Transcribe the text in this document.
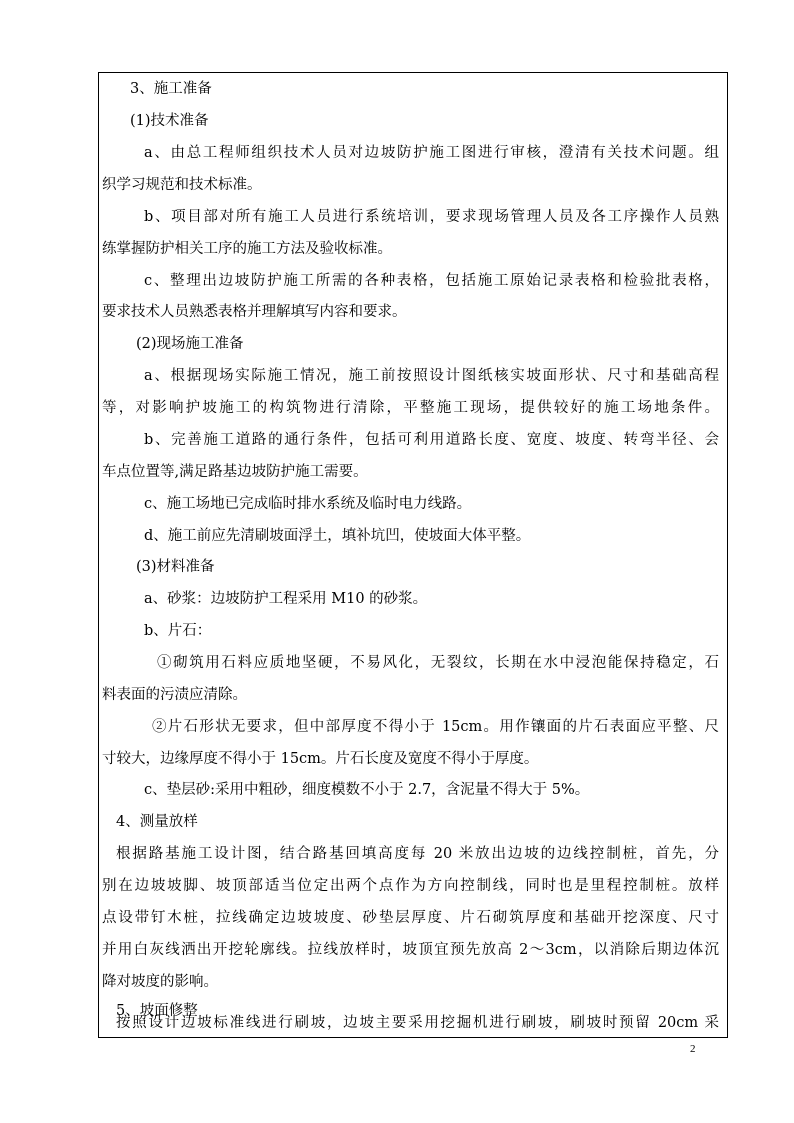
3、施工准备
(1)技术准备
a、由总工程师组织技术人员对边坡防护施工图进行审核，澄清有关技术问题。组
织学习规范和技术标准。
b、项目部对所有施工人员进行系统培训，要求现场管理人员及各工序操作人员熟
练掌握防护相关工序的施工方法及验收标准。
c、整理出边坡防护施工所需的各种表格，包括施工原始记录表格和检验批表格，
要求技术人员熟悉表格并理解填写内容和要求。
(2)现场施工准备
a、根据现场实际施工情况，施工前按照设计图纸核实坡面形状、尺寸和基础高程
等，对影响护坡施工的构筑物进行清除，平整施工现场，提供较好的施工场地条件。
b、完善施工道路的通行条件，包括可利用道路长度、宽度、坡度、转弯半径、会
车点位置等,满足路基边坡防护施工需要。
c、施工场地已完成临时排水系统及临时电力线路。
d、施工前应先清刷坡面浮土，填补坑凹，使坡面大体平整。
(3)材料准备
a、砂浆：边坡防护工程采用 M10 的砂浆。
b、片石：
①砌筑用石料应质地坚硬，不易风化，无裂纹，长期在水中浸泡能保持稳定，石
料表面的污渍应清除。
②片石形状无要求，但中部厚度不得小于 15cm。用作镶面的片石表面应平整、尺
寸较大，边缘厚度不得小于 15cm。片石长度及宽度不得小于厚度。
c、垫层砂:采用中粗砂，细度模数不小于 2.7，含泥量不得大于 5%。
4、测量放样
根据路基施工设计图，结合路基回填高度每 20 米放出边坡的边线控制桩，首先，分
别在边坡坡脚、坡顶部适当位定出两个点作为方向控制线，同时也是里程控制桩。放样
点设带钉木桩，拉线确定边坡坡度、砂垫层厚度、片石砌筑厚度和基础开挖深度、尺寸
并用白灰线洒出开挖轮廓线。拉线放样时，坡顶宜预先放高 2～3cm，以消除后期边体沉
降对坡度的影响。
5、坡面修整
按照设计边坡标准线进行刷坡，边坡主要采用挖掘机进行刷坡，刷坡时预留 20cm 采
2
